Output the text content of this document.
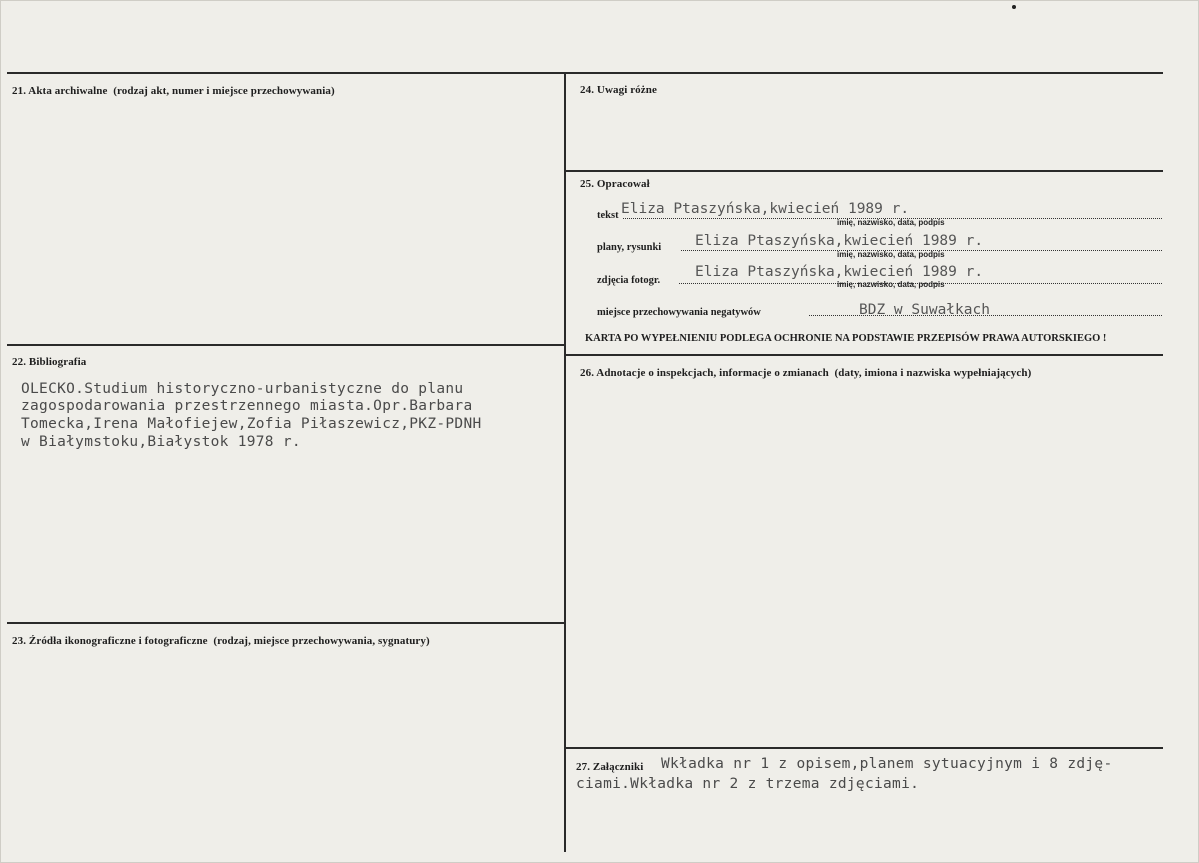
21. Akta archiwalne (rodzaj akt, numer i miejsce przechowywania)
22. Bibliografia
OLECKO.Studium historyczno-urbanistyczne do planu
zagospodarowania przestrzennego miasta.Opr.Barbara
Tomecka,Irena Małofiejew,Zofia Piłaszewicz,PKZ-PDNH
w Białymstoku,Białystok 1978 r.
23. Źródła ikonograficzne i fotograficzne (rodzaj, miejsce przechowywania, sygnatury)
24. Uwagi różne
25. Opracował
tekst Eliza Ptaszyńska,kwiecień 1989 r.
imię, nazwisko, data, podpis
plany, rysunki Eliza Ptaszyńska,kwiecień 1989 r.
imię, nazwisko, data, podpis
zdjęcia fotogr.
Eliza Ptaszyńska,kwiecień 1989 r.
imię, nazwisko, data, podpis
miejsce przechowywania negatywów	BDZ w Suwałkach
KARTA PO WYPEŁNIENIU PODLEGA OCHRONIE NA PODSTAWIE PRZEPISÓW PRAWA AUTORSKIEGO !
26. Adnotacje o inspekcjach, informacje o zmianach (daty, imiona i nazwiska wypełniających)
27. Załączniki Wkładka nr 1 z opisem,planem sytuacyjnym i 8 zdję-
ciami.Wkładka nr 2 z trzema zdjęciami.
